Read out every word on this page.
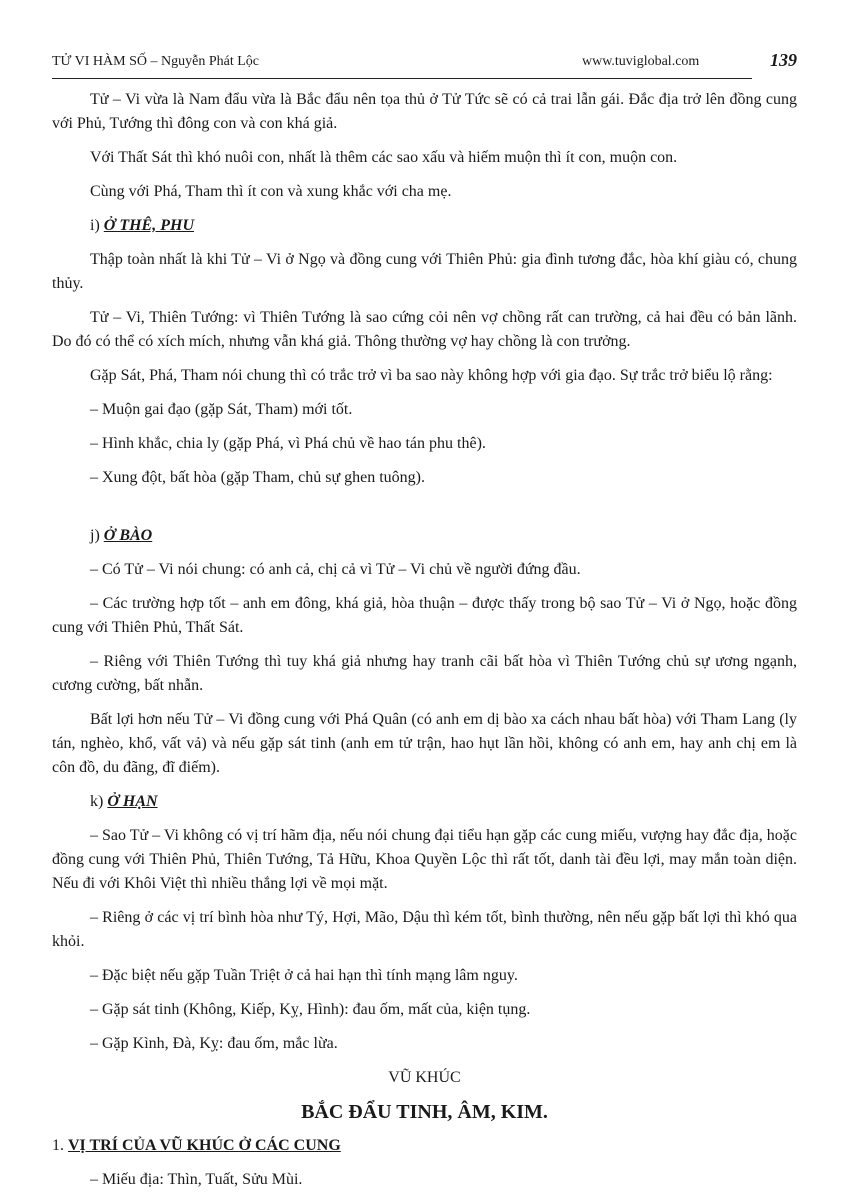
TỬ VI HÀM SỐ – Nguyễn Phát Lộc	www.tuviglobal.com	139

Tử – Vi vừa là Nam đẩu vừa là Bắc đẩu nên tọa thủ ở Tử Tức sẽ có cả trai lẫn gái. Đắc địa trở lên đồng cung với Phủ, Tướng thì đông con và con khá giả.

Với Thất Sát thì khó nuôi con, nhất là thêm các sao xấu và hiếm muộn thì ít con, muộn con.

Cùng với Phá, Tham thì ít con và xung khắc với cha mẹ.

i) Ở THÊ, PHU

Thập toàn nhất là khi Tử – Vi ở Ngọ và đồng cung với Thiên Phủ: gia đình tương đắc, hòa khí giàu có, chung thủy.

Tử – Vi, Thiên Tướng: vì Thiên Tướng là sao cứng cỏi nên vợ chồng rất can trường, cả hai đều có bản lãnh. Do đó có thể có xích mích, nhưng vẫn khá giả. Thông thường vợ hay chồng là con trưởng.

Gặp Sát, Phá, Tham nói chung thì có trắc trở vì ba sao này không hợp với gia đạo. Sự trắc trở biểu lộ rằng:

– Muộn gai đạo (gặp Sát, Tham) mới tốt.

– Hình khắc, chia ly (gặp Phá, vì Phá chủ về hao tán phu thê).

– Xung đột, bất hòa (gặp Tham, chủ sự ghen tuông).

j) Ở BÀO

– Có Tử – Vi nói chung: có anh cả, chị cả vì Tử – Vi chủ về người đứng đầu.

– Các trường hợp tốt – anh em đông, khá giả, hòa thuận – được thấy trong bộ sao Tử – Vi ở Ngọ, hoặc đồng cung với Thiên Phủ, Thất Sát.

– Riêng với Thiên Tướng thì tuy khá giả nhưng hay tranh cãi bất hòa vì Thiên Tướng chủ sự ương ngạnh, cương cường, bất nhẫn.

Bất lợi hơn nếu Tử – Vi đồng cung với Phá Quân (có anh em dị bào xa cách nhau bất hòa) với Tham Lang (ly tán, nghèo, khổ, vất vả) và nếu gặp sát tinh (anh em tử trận, hao hụt lần hồi, không có anh em, hay anh chị em là côn đồ, du đãng, đĩ điếm).

k) Ở HẠN

– Sao Tử – Vi không có vị trí hãm địa, nếu nói chung đại tiểu hạn gặp các cung miếu, vượng hay đắc địa, hoặc đồng cung với Thiên Phủ, Thiên Tướng, Tả Hữu, Khoa Quyền Lộc thì rất tốt, danh tài đều lợi, may mắn toàn diện. Nếu đi với Khôi Việt thì nhiều thắng lợi về mọi mặt.

– Riêng ở các vị trí bình hòa như Tý, Hợi, Mão, Dậu thì kém tốt, bình thường, nên nếu gặp bất lợi thì khó qua khỏi.

– Đặc biệt nếu gặp Tuần Triệt ở cả hai hạn thì tính mạng lâm nguy.

– Gặp sát tinh (Không, Kiếp, Kỵ, Hình): đau ốm, mất của, kiện tụng.

– Gặp Kình, Đà, Kỵ: đau ốm, mắc lừa.

VŨ KHÚC

BẮC ĐẨU TINH, ÂM, KIM.

1. VỊ TRÍ CỦA VŨ KHÚC Ở CÁC CUNG

– Miếu địa: Thìn, Tuất, Sửu Mùi.
